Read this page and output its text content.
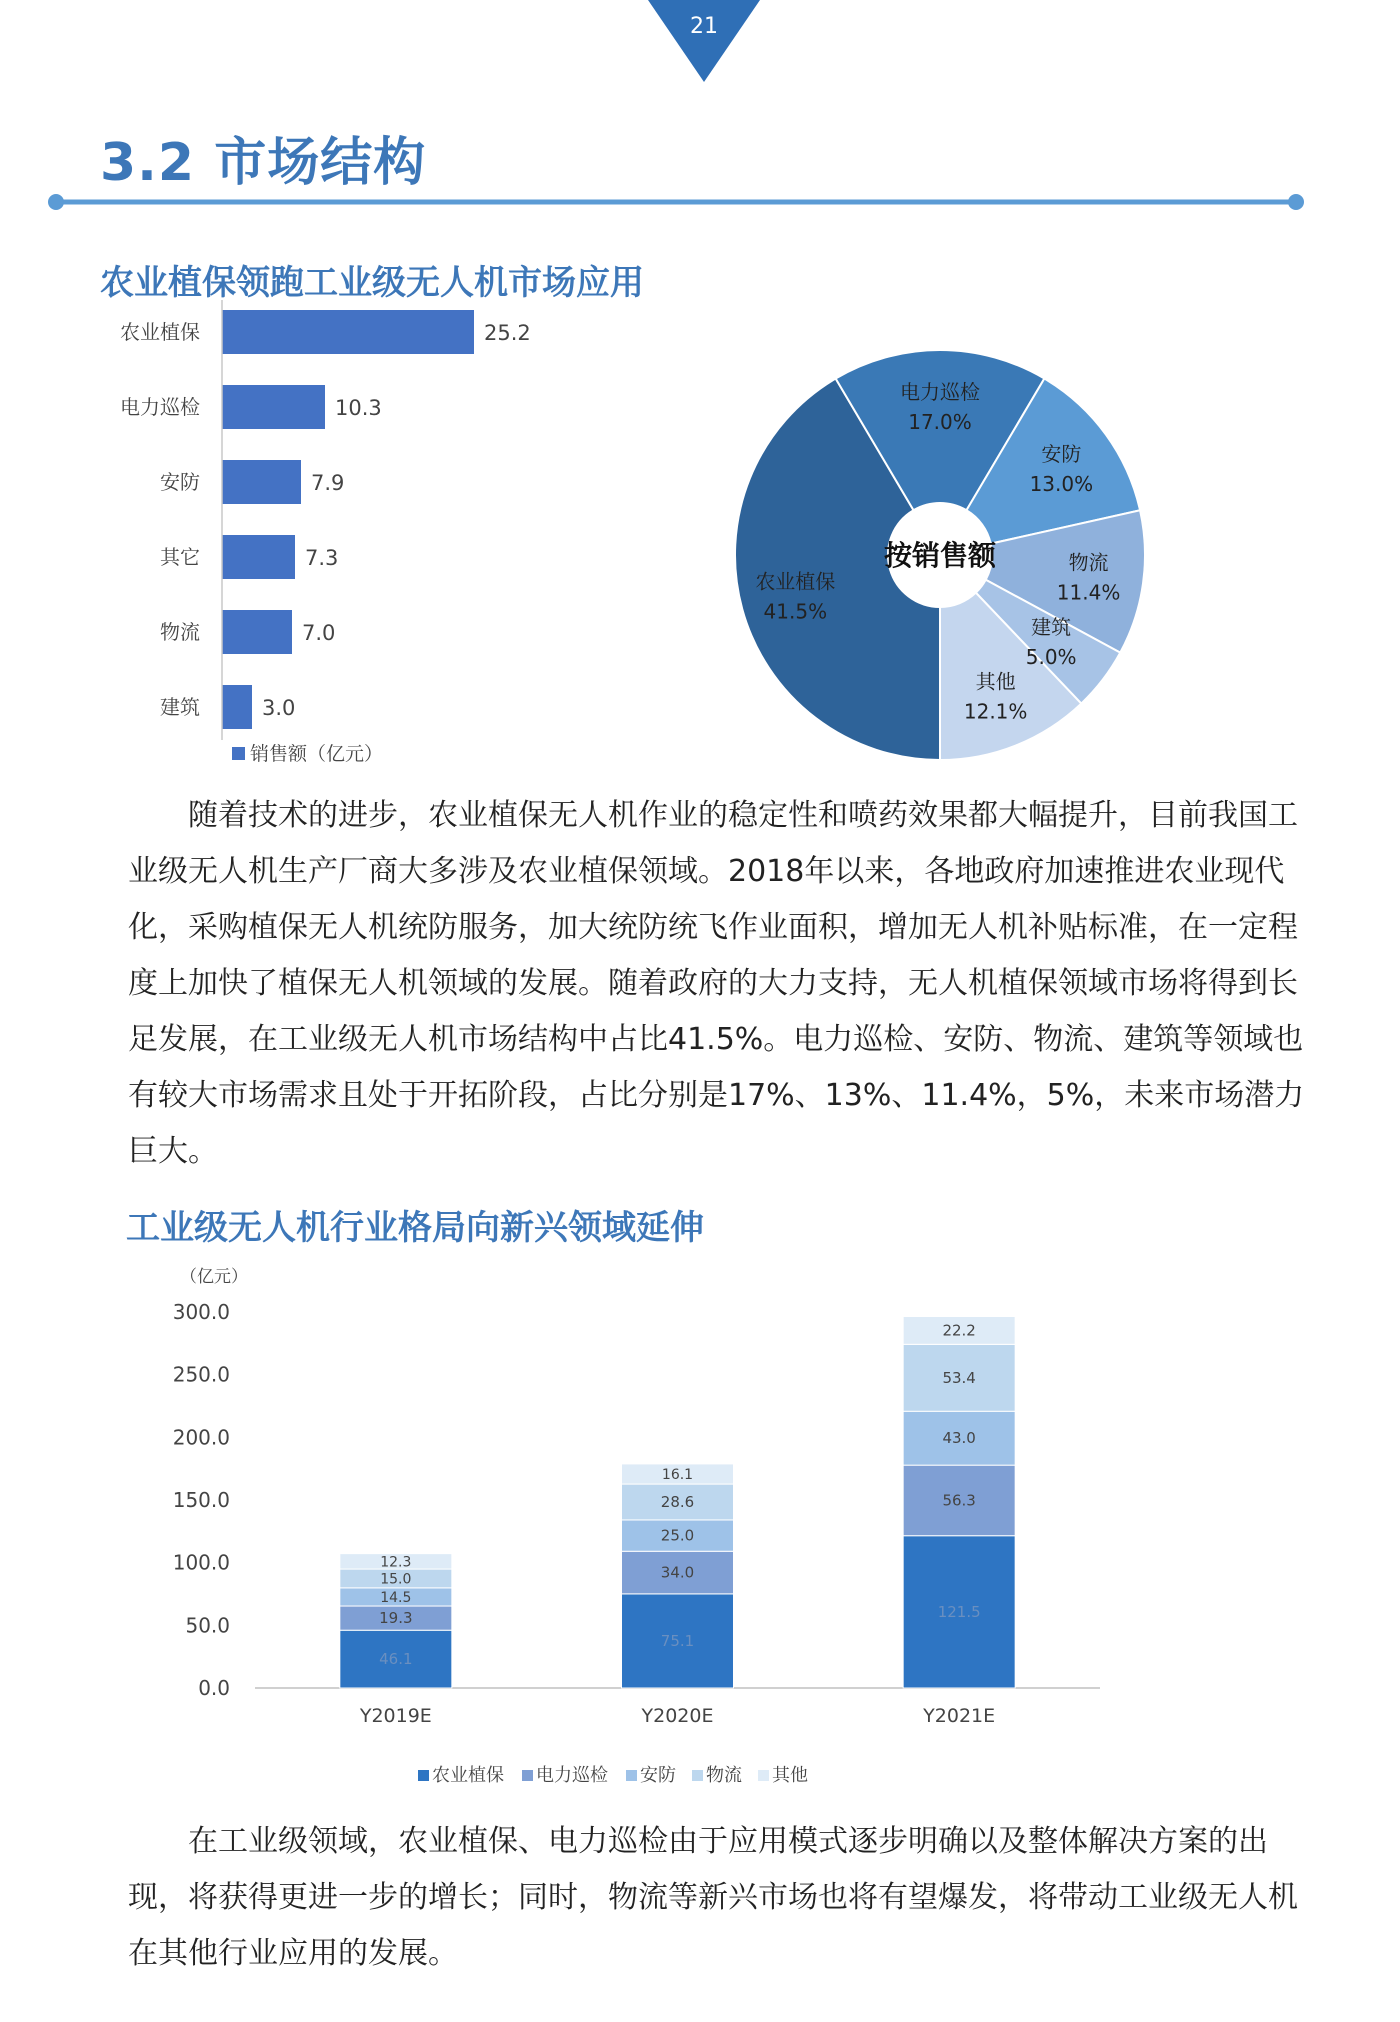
21
3.2 市场结构
农业植保领跑工业级无人机市场应用
农业植保	25.2
电力巡检	10.3
安防	7.9
其它	7.3
物流	7.0
建筑	3.0
销售额（亿元）
农业植保
41.5%
电力巡检
17.0%
安防
13.0%
物流
11.4%
建筑
5.0%
其他
12.1%
按销售额

随着技术的进步，农业植保无人机作业的稳定性和喷药效果都大幅提升，目前我国工业级无人机生产厂商大多涉及农业植保领域。2018年以来，各地政府加速推进农业现代化，采购植保无人机统防服务，加大统防统飞作业面积，增加无人机补贴标准，在一定程度上加快了植保无人机领域的发展。随着政府的大力支持，无人机植保领域市场将得到长足发展，在工业级无人机市场结构中占比41.5%。电力巡检、安防、物流、建筑等领域也有较大市场需求且处于开拓阶段，占比分别是17%、13%、11.4%，5%，未来市场潜力巨大。

工业级无人机行业格局向新兴领域延伸
（亿元）
0.0
50.0
100.0
150.0
200.0
250.0
300.0
46.1
19.3
14.5
15.0
12.3
Y2019E
75.1
34.0
25.0
28.6
16.1
Y2020E
121.5
56.3
43.0
53.4
22.2
Y2021E
农业植保 电力巡检 安防 物流 其他

在工业级领域，农业植保、电力巡检由于应用模式逐步明确以及整体解决方案的出现，将获得更进一步的增长；同时，物流等新兴市场也将有望爆发，将带动工业级无人机在其他行业应用的发展。
